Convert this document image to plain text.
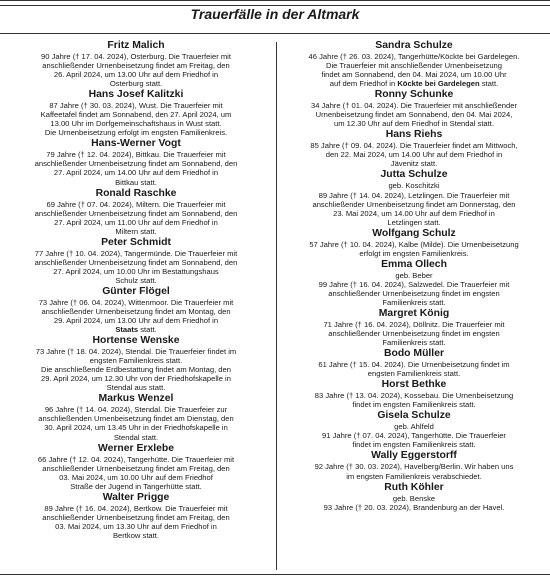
Trauerfälle in der Altmark
Fritz Malich
90 Jahre († 17. 04. 2024), Osterburg. Die Trauerfeier mit
anschließender Urnenbeisetzung findet am Freitag, den
26. April 2024, um 13.00 Uhr auf dem Friedhof in
Osterburg statt.
Hans Josef Kalitzki
87 Jahre († 30. 03. 2024), Wust. Die Trauerfeier mit
Kaffeetafel findet am Sonnabend, den 27. April 2024, um
13.00 Uhr im Dorfgemeinschaftshaus in Wust statt.
Die Urnenbeisetzung erfolgt im engsten Familienkreis.
Hans-Werner Vogt
79 Jahre († 12. 04. 2024), Bittkau. Die Trauerfeier mit
anschließender Urnenbeisetzung findet am Sonnabend, den
27. April 2024, um 14.00 Uhr auf dem Friedhof in
Bittkau statt.
Ronald Raschke
69 Jahre († 07. 04. 2024), Miltern. Die Trauerfeier mit
anschließender Urnenbeisetzung findet am Sonnabend, den
27. April 2024, um 11.00 Uhr auf dem Friedhof in
Miltern statt.
Peter Schmidt
77 Jahre († 10. 04. 2024), Tangermünde. Die Trauerfeier mit
anschließender Urnenbeisetzung findet am Sonnabend, den
27. April 2024, um 10.00 Uhr im Bestattungshaus
Schulz statt.
Günter Flögel
73 Jahre († 06. 04. 2024), Wittenmoor. Die Trauerfeier mit
anschließender Urnenbeisetzung findet am Montag, den
29. April 2024, um 13.00 Uhr auf dem Friedhof in
Staats statt.
Hortense Wenske
73 Jahre († 18. 04. 2024), Stendal. Die Trauerfeier findet im
engsten Familienkreis statt.
Die anschließende Erdbestattung findet am Montag, den
29. April 2024, um 12.30 Uhr von der Friedhofskapelle in
Stendal aus statt.
Markus Wenzel
96 Jahre († 14. 04. 2024), Stendal. Die Trauerfeier zur
anschließenden Urnenbeisetzung findet am Dienstag, den
30. April 2024, um 13.45 Uhr in der Friedhofskapelle in
Stendal statt.
Werner Erxlebe
66 Jahre († 12. 04. 2024), Tangerhütte. Die Trauerfeier mit
anschließender Urnenbeisetzung findet am Freitag, den
03. Mai 2024, um 10.00 Uhr auf dem Friedhof
Straße der Jugend in Tangerhütte statt.
Walter Prigge
89 Jahre († 16. 04. 2024), Bertkow. Die Trauerfeier mit
anschließender Urnenbeisetzung findet am Freitag, den
03. Mai 2024, um 13.30 Uhr auf dem Friedhof in
Bertkow statt.
Sandra Schulze
46 Jahre († 26. 03. 2024), Tangerhütte/Köckte bei Gardelegen.
Die Trauerfeier mit anschließender Urnenbeisetzung
findet am Sonnabend, den 04. Mai 2024, um 10.00 Uhr
auf dem Friedhof in Köckte bei Gardelegen statt.
Ronny Schunke
34 Jahre († 01. 04. 2024). Die Trauerfeier mit anschließender
Urnenbeisetzung findet am Sonnabend, den 04. Mai 2024,
um 12.30 Uhr auf dem Friedhof in Stendal statt.
Hans Riehs
85 Jahre († 09. 04. 2024). Die Trauerfeier findet am Mittwoch,
den 22. Mai 2024, um 14.00 Uhr auf dem Friedhof in
Jävenitz statt.
Jutta Schulze
geb. Koschitzki
89 Jahre († 14. 04. 2024), Letzlingen. Die Trauerfeier mit
anschließender Urnenbeisetzung findet am Donnerstag, den
23. Mai 2024, um 14.00 Uhr auf dem Friedhof in
Letzlingen statt.
Wolfgang Schulz
57 Jahre († 10. 04. 2024), Kalbe (Milde). Die Urnenbeisetzung
erfolgt im engsten Familienkreis.
Emma Ollech
geb. Beber
99 Jahre († 16. 04. 2024), Salzwedel. Die Trauerfeier mit
anschließender Urnenbeisetzung findet im engsten
Familienkreis statt.
Margret König
71 Jahre († 16. 04. 2024), Döllnitz. Die Trauerfeier mit
anschließender Urnenbeisetzung findet im engsten
Familienkreis statt.
Bodo Müller
61 Jahre († 15. 04. 2024). Die Urnenbeisetzung findet im
engsten Familienkreis statt.
Horst Bethke
83 Jahre († 13. 04. 2024), Kossebau. Die Urnenbeisetzung
findet im engsten Familienkreis statt.
Gisela Schulze
geb. Ahlfeld
91 Jahre († 07. 04. 2024), Tangerhütte. Die Trauerfeier
findet im engsten Familienkreis statt.
Wally Eggerstorff
92 Jahre († 30. 03. 2024), Havelberg/Berlin. Wir haben uns
im engsten Familienkreis verabschiedet.
Ruth Köhler
geb. Benske
93 Jahre († 20. 03. 2024), Brandenburg an der Havel.
